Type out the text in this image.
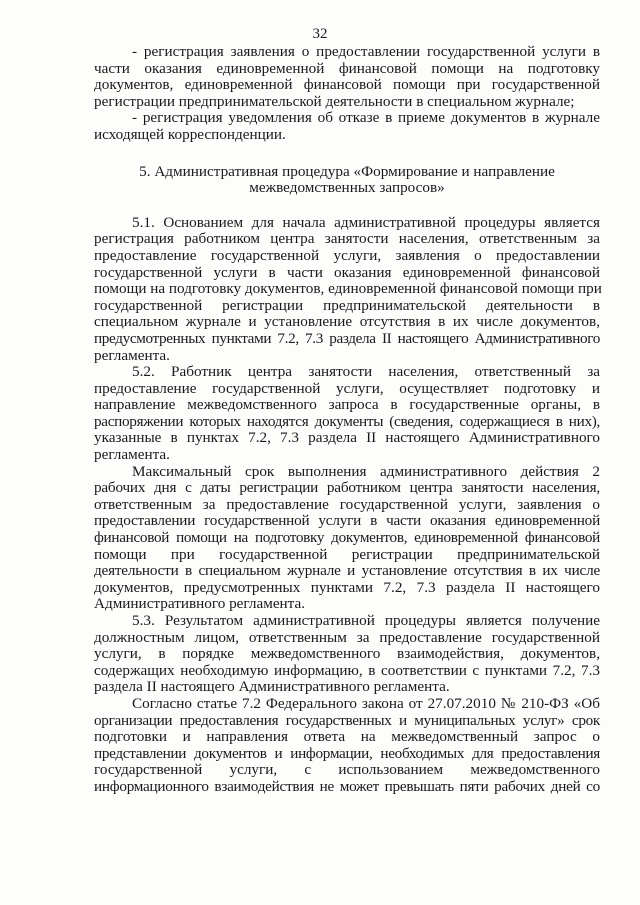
32
- регистрация заявления о предоставлении государственной услуги в
части оказания единовременной финансовой помощи на подготовку
документов, единовременной финансовой помощи при государственной
регистрации предпринимательской деятельности в специальном журнале;
- регистрация уведомления об отказе в приеме документов в журнале
исходящей корреспонденции.
5. Административная процедура «Формирование и направление
межведомственных запросов»
5.1. Основанием для начала административной процедуры является
регистрация работником центра занятости населения, ответственным за
предоставление государственной услуги, заявления о предоставлении
государственной услуги в части оказания единовременной финансовой
помощи на подготовку документов, единовременной финансовой помощи при
государственной регистрации предпринимательской деятельности в
специальном журнале и установление отсутствия в их числе документов,
предусмотренных пунктами 7.2, 7.3 раздела II настоящего Административного
регламента.
5.2. Работник центра занятости населения, ответственный за
предоставление государственной услуги, осуществляет подготовку и
направление межведомственного запроса в государственные органы, в
распоряжении которых находятся документы (сведения, содержащиеся в них),
указанные в пунктах 7.2, 7.3 раздела II настоящего Административного
регламента.
Максимальный срок выполнения административного действия 2
рабочих дня с даты регистрации работником центра занятости населения,
ответственным за предоставление государственной услуги, заявления о
предоставлении государственной услуги в части оказания единовременной
финансовой помощи на подготовку документов, единовременной финансовой
помощи при государственной регистрации предпринимательской
деятельности в специальном журнале и установление отсутствия в их числе
документов, предусмотренных пунктами 7.2, 7.3 раздела II настоящего
Административного регламента.
5.3. Результатом административной процедуры является получение
должностным лицом, ответственным за предоставление государственной
услуги, в порядке межведомственного взаимодействия, документов,
содержащих необходимую информацию, в соответствии с пунктами 7.2, 7.3
раздела II настоящего Административного регламента.
Согласно статье 7.2 Федерального закона от 27.07.2010 № 210-ФЗ «Об
организации предоставления государственных и муниципальных услуг» срок
подготовки и направления ответа на межведомственный запрос о
представлении документов и информации, необходимых для предоставления
государственной услуги, с использованием межведомственного
информационного взаимодействия не может превышать пяти рабочих дней со
